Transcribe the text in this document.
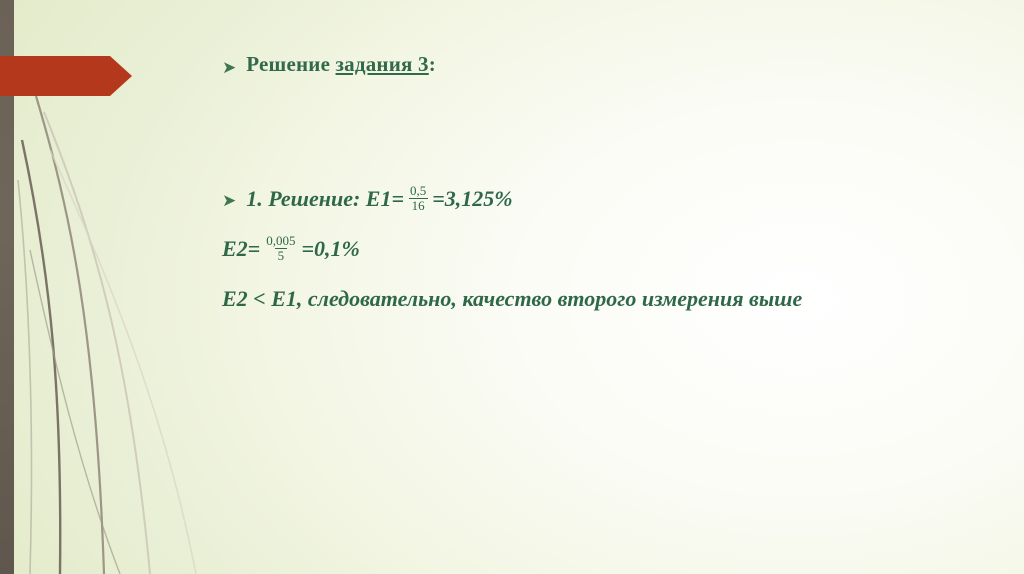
➤ Решение задания 3:
➤ 1. Решение: $E1= \frac{0,5}{16} =3,125\%$
$E2= \frac{0,005}{5} =0,1\%$
E2 < E1, следовательно, качество второго измерения выше
